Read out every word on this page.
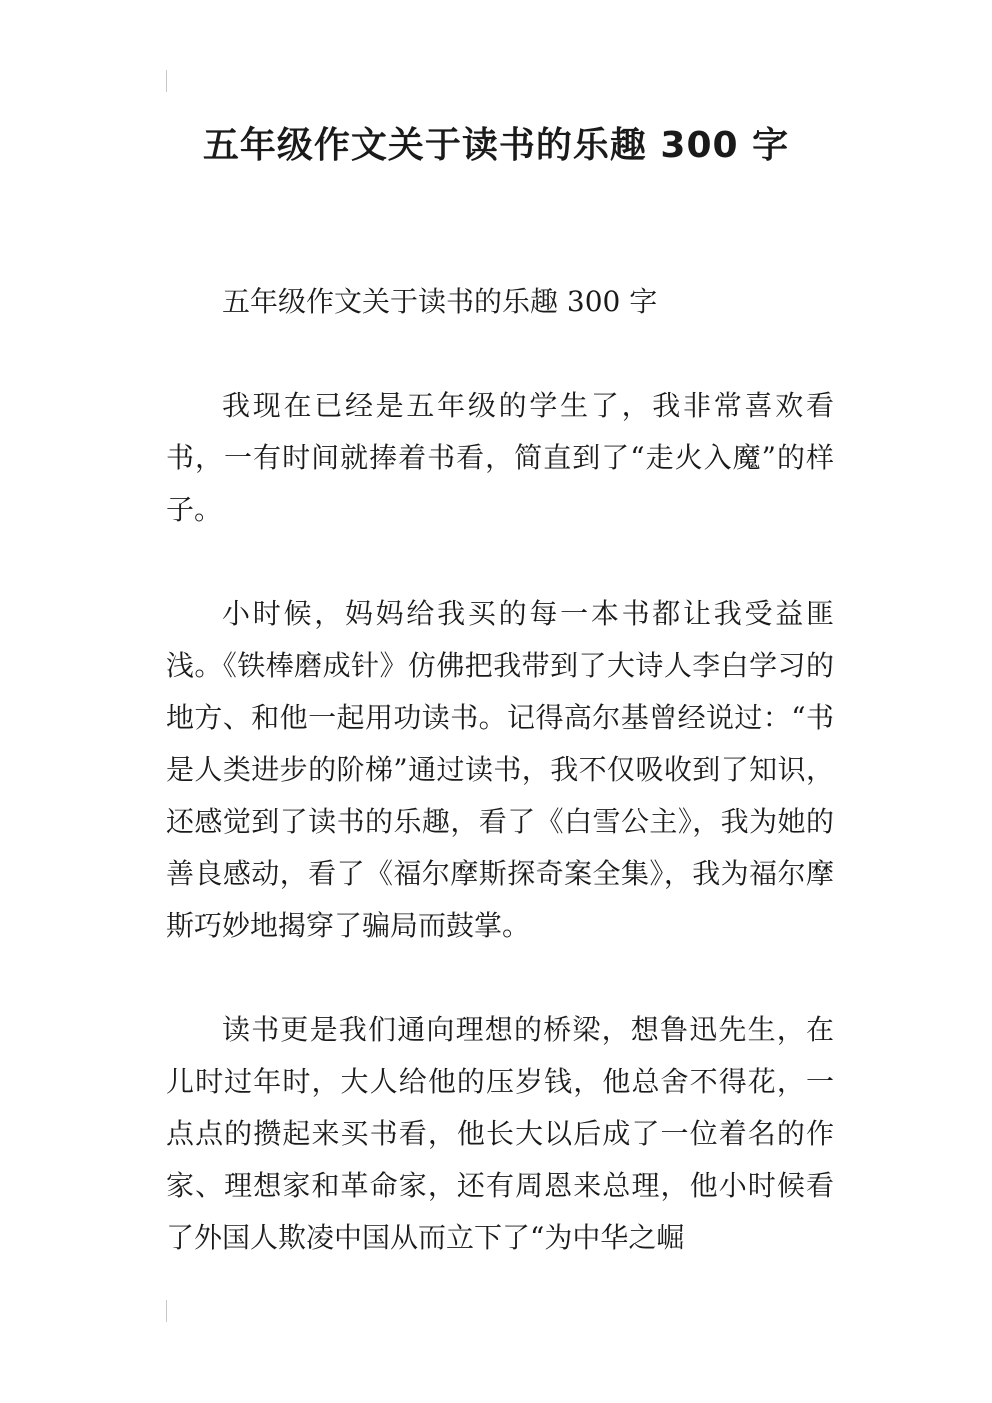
五年级作文关于读书的乐趣 300 字

五年级作文关于读书的乐趣 300 字

我现在已经是五年级的学生了，我非常喜欢看书，一有时间就捧着书看，简直到了“走火入魔”的样子。

小时候，妈妈给我买的每一本书都让我受益匪浅。《铁棒磨成针》仿佛把我带到了大诗人李白学习的地方、和他一起用功读书。记得高尔基曾经说过：“书是人类进步的阶梯”通过读书，我不仅吸收到了知识，还感觉到了读书的乐趣，看了《白雪公主》，我为她的善良感动，看了《福尔摩斯探奇案全集》，我为福尔摩斯巧妙地揭穿了骗局而鼓掌。

读书更是我们通向理想的桥梁，想鲁迅先生，在儿时过年时，大人给他的压岁钱，他总舍不得花，一点点的攒起来买书看，他长大以后成了一位着名的作家、理想家和革命家，还有周恩来总理，他小时候看了外国人欺凌中国从而立下了“为中华之崛
